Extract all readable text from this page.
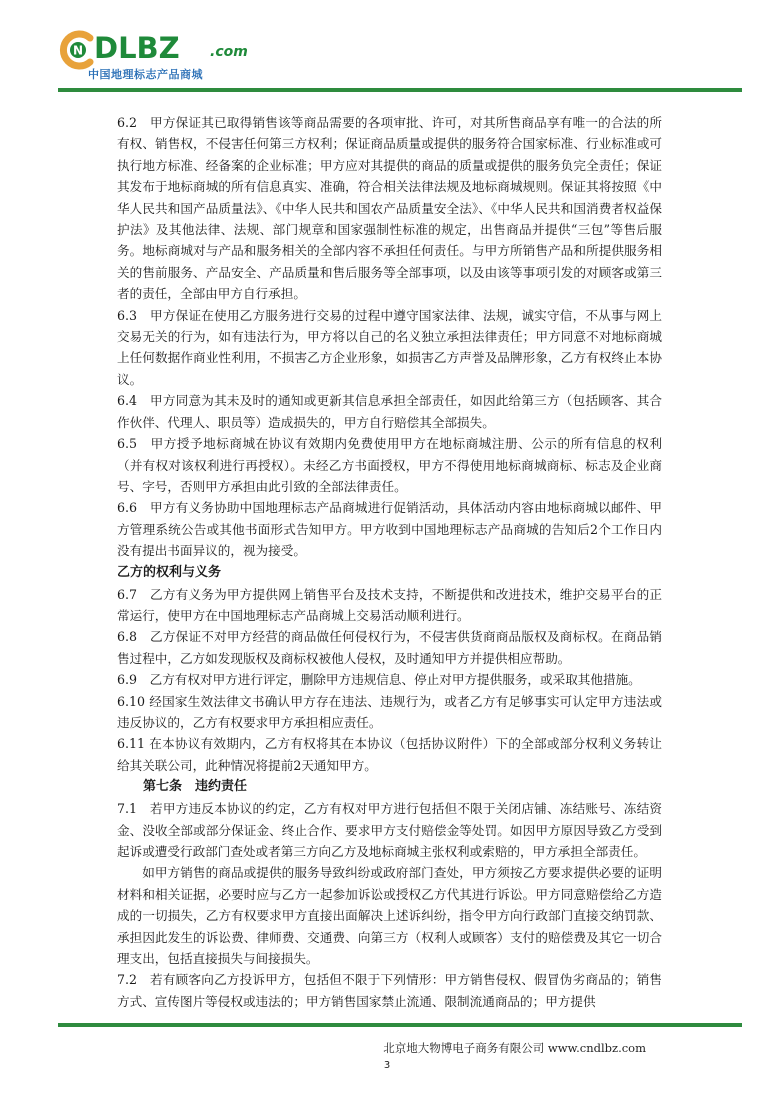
N DLBZ .com
中国地理标志产品商城

6.2　甲方保证其已取得销售该等商品需要的各项审批、许可，对其所售商品享有唯一的合法的所有权、销售权，不侵害任何第三方权利；保证商品质量或提供的服务符合国家标准、行业标准或可执行地方标准、经备案的企业标准；甲方应对其提供的商品的质量或提供的服务负完全责任；保证其发布于地标商城的所有信息真实、准确，符合相关法律法规及地标商城规则。保证其将按照《中华人民共和国产品质量法》、《中华人民共和国农产品质量安全法》、《中华人民共和国消费者权益保护法》及其他法律、法规、部门规章和国家强制性标准的规定，出售商品并提供“三包”等售后服务。地标商城对与产品和服务相关的全部内容不承担任何责任。与甲方所销售产品和所提供服务相关的售前服务、产品安全、产品质量和售后服务等全部事项，以及由该等事项引发的对顾客或第三者的责任，全部由甲方自行承担。

6.3　甲方保证在使用乙方服务进行交易的过程中遵守国家法律、法规，诚实守信，不从事与网上交易无关的行为，如有违法行为，甲方将以自己的名义独立承担法律责任；甲方同意不对地标商城上任何数据作商业性利用，不损害乙方企业形象，如损害乙方声誉及品牌形象，乙方有权终止本协议。

6.4　甲方同意为其未及时的通知或更新其信息承担全部责任，如因此给第三方（包括顾客、其合作伙伴、代理人、职员等）造成损失的，甲方自行赔偿其全部损失。

6.5　甲方授予地标商城在协议有效期内免费使用甲方在地标商城注册、公示的所有信息的权利（并有权对该权利进行再授权）。未经乙方书面授权，甲方不得使用地标商城商标、标志及企业商号、字号，否则甲方承担由此引致的全部法律责任。

6.6　甲方有义务协助中国地理标志产品商城进行促销活动，具体活动内容由地标商城以邮件、甲方管理系统公告或其他书面形式告知甲方。甲方收到中国地理标志产品商城的告知后2个工作日内没有提出书面异议的，视为接受。

乙方的权利与义务

6.7　乙方有义务为甲方提供网上销售平台及技术支持，不断提供和改进技术，维护交易平台的正常运行，使甲方在中国地理标志产品商城上交易活动顺利进行。

6.8　乙方保证不对甲方经营的商品做任何侵权行为，不侵害供货商商品版权及商标权。在商品销售过程中，乙方如发现版权及商标权被他人侵权，及时通知甲方并提供相应帮助。

6.9　乙方有权对甲方进行评定，删除甲方违规信息、停止对甲方提供服务，或采取其他措施。

6.10 经国家生效法律文书确认甲方存在违法、违规行为，或者乙方有足够事实可认定甲方违法或违反协议的，乙方有权要求甲方承担相应责任。

6.11 在本协议有效期内，乙方有权将其在本协议（包括协议附件）下的全部或部分权利义务转让给其关联公司，此种情况将提前2天通知甲方。

第七条　违约责任

7.1　若甲方违反本协议的约定，乙方有权对甲方进行包括但不限于关闭店铺、冻结账号、冻结资金、没收全部或部分保证金、终止合作、要求甲方支付赔偿金等处罚。如因甲方原因导致乙方受到起诉或遭受行政部门查处或者第三方向乙方及地标商城主张权利或索赔的，甲方承担全部责任。

如甲方销售的商品或提供的服务导致纠纷或政府部门查处，甲方须按乙方要求提供必要的证明材料和相关证据，必要时应与乙方一起参加诉讼或授权乙方代其进行诉讼。甲方同意赔偿给乙方造成的一切损失，乙方有权要求甲方直接出面解决上述诉纠纷，指令甲方向行政部门直接交纳罚款、承担因此发生的诉讼费、律师费、交通费、向第三方（权利人或顾客）支付的赔偿费及其它一切合理支出，包括直接损失与间接损失。

7.2　若有顾客向乙方投诉甲方，包括但不限于下列情形：甲方销售侵权、假冒伪劣商品的；销售方式、宣传图片等侵权或违法的；甲方销售国家禁止流通、限制流通商品的；甲方提供

北京地大物博电子商务有限公司 www.cndlbz.com
3
